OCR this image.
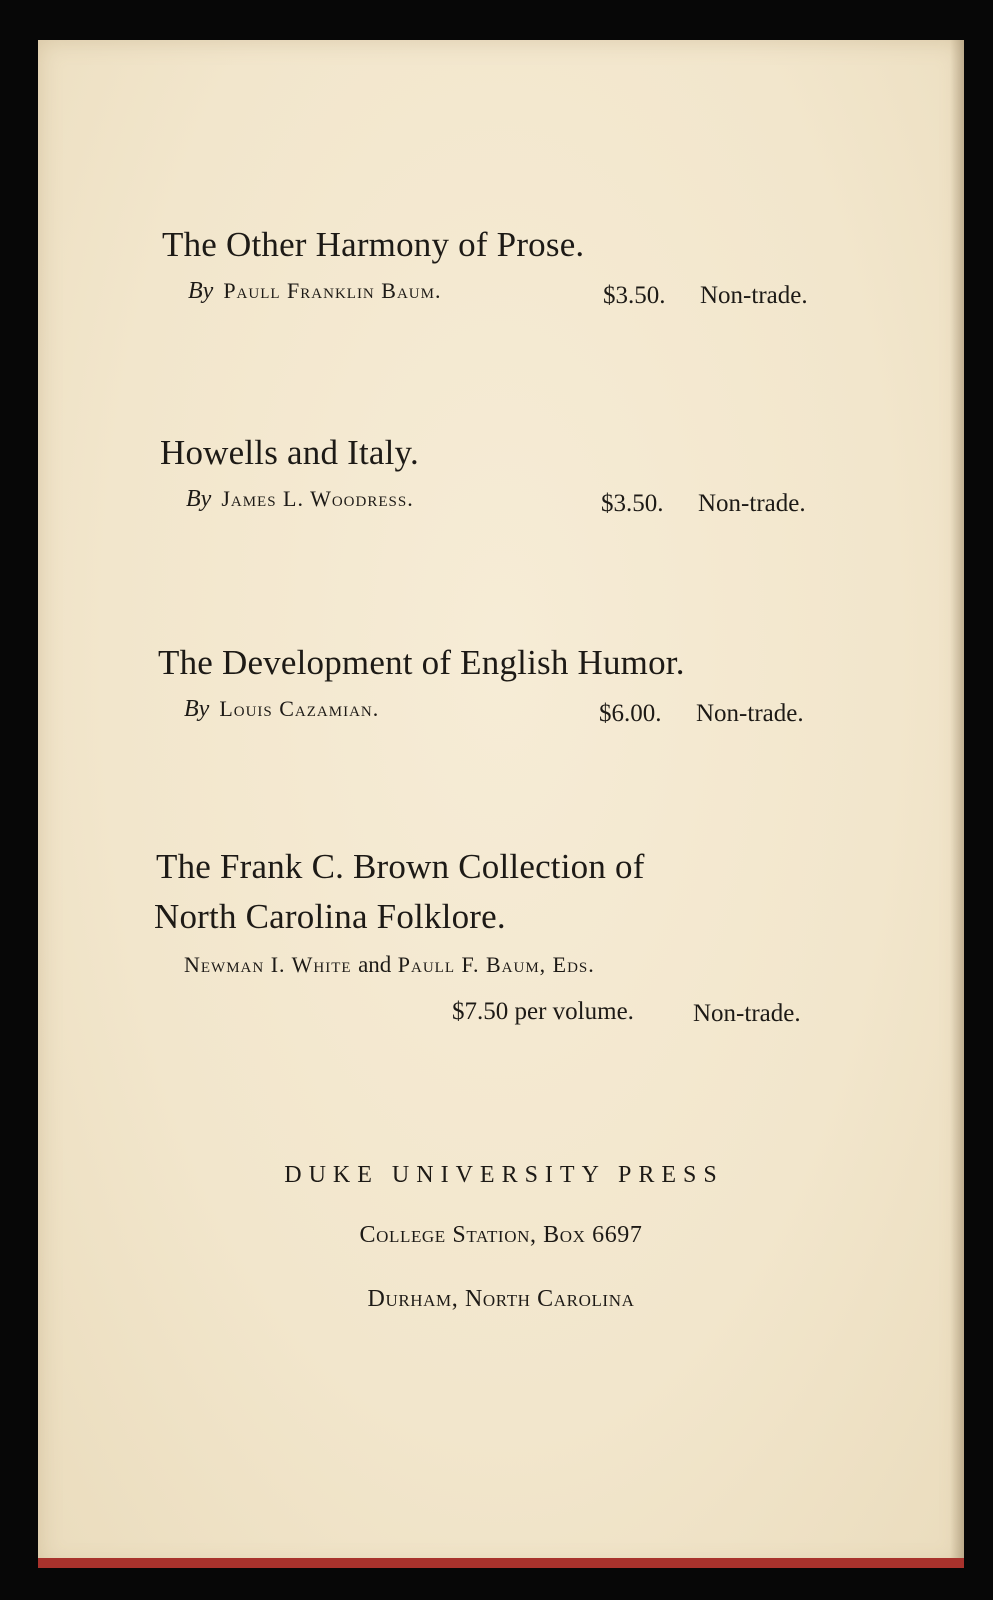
The Other Harmony of Prose.
By Paull Franklin Baum.	$3.50. Non-trade.
Howells and Italy.
By James L. Woodress.	$3.50. Non-trade.
The Development of English Humor.
By Louis Cazamian.	$6.00. Non-trade.
The Frank C. Brown Collection of
North Carolina Folklore.
Newman I. White and Paull F. Baum, Eds.
$7.50 per volume. Non-trade.
DUKE UNIVERSITY PRESS
College Station, Box 6697
Durham, North Carolina
